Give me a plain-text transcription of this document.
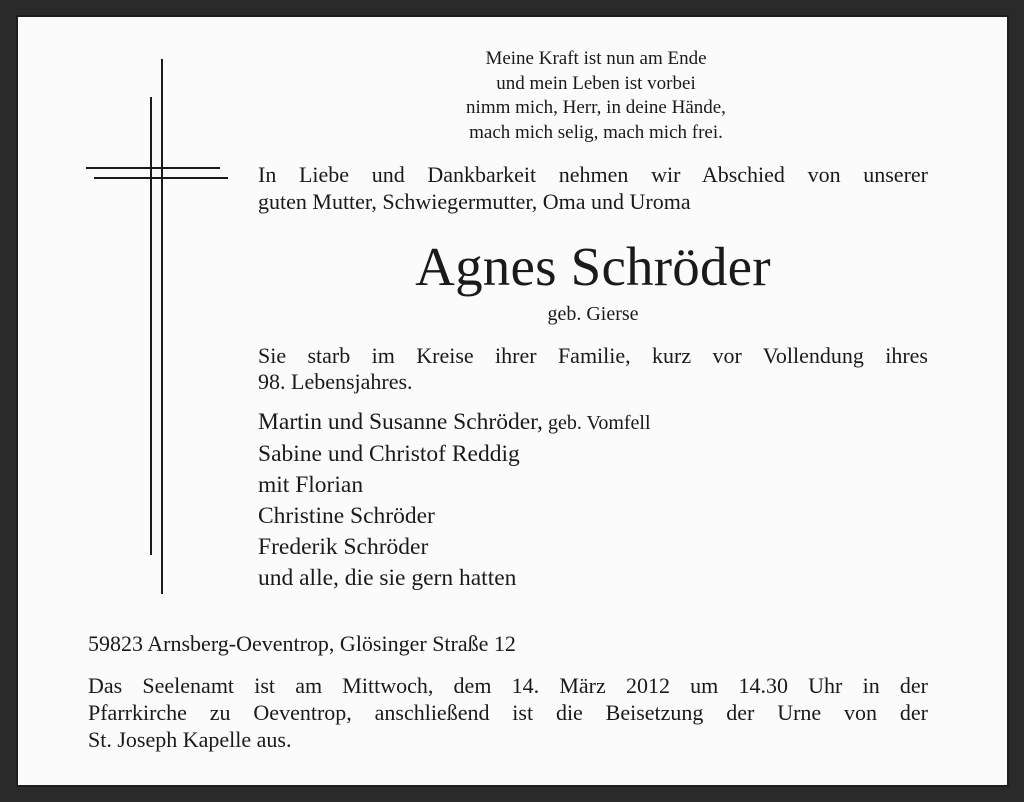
Meine Kraft ist nun am Ende
und mein Leben ist vorbei
nimm mich, Herr, in deine Hände,
mach mich selig, mach mich frei.
In Liebe und Dankbarkeit nehmen wir Abschied von unserer
guten Mutter, Schwiegermutter, Oma und Uroma
Agnes Schröder
geb. Gierse
Sie starb im Kreise ihrer Familie, kurz vor Vollendung ihres
98. Lebensjahres.
Martin und Susanne Schröder, geb. Vomfell
Sabine und Christof Reddig
mit Florian
Christine Schröder
Frederik Schröder
und alle, die sie gern hatten
59823 Arnsberg-Oeventrop, Glösinger Straße 12
Das Seelenamt ist am Mittwoch, dem 14. März 2012 um 14.30 Uhr in der
Pfarrkirche zu Oeventrop, anschließend ist die Beisetzung der Urne von der
St. Joseph Kapelle aus.
